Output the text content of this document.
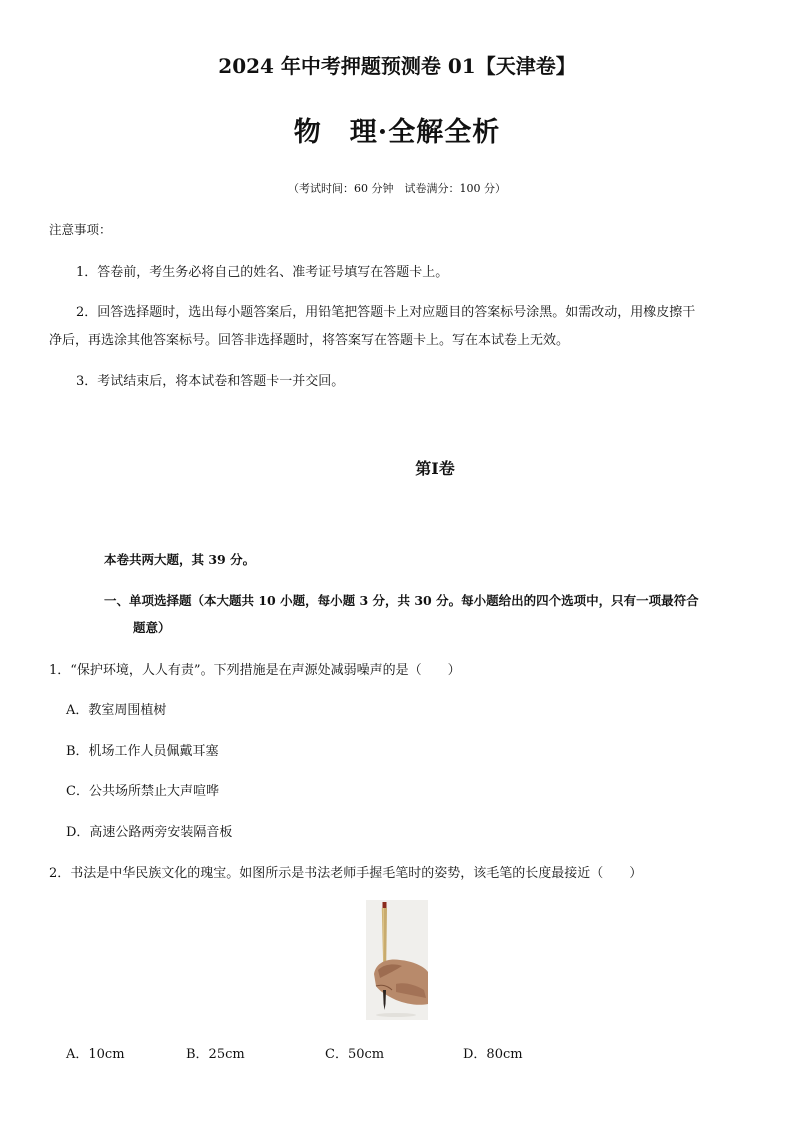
2024 年中考押题预测卷 01【天津卷】
物　理·全解全析
（考试时间：60 分钟　试卷满分：100 分）
注意事项：
1．答卷前，考生务必将自己的姓名、准考证号填写在答题卡上。
2．回答选择题时，选出每小题答案后，用铅笔把答题卡上对应题目的答案标号涂黑。如需改动，用橡皮擦干
净后，再选涂其他答案标号。回答非选择题时，将答案写在答题卡上。写在本试卷上无效。
3．考试结束后，将本试卷和答题卡一并交回。
第Ⅰ卷
本卷共两大题，其 39 分。
一、单项选择题（本大题共 10 小题，每小题 3 分，共 30 分。每小题给出的四个选项中，只有一项最符合
题意）
1．“保护环境，人人有责”。下列措施是在声源处减弱噪声的是（　　）
A．教室周围植树
B．机场工作人员佩戴耳塞
C．公共场所禁止大声喧哗
D．高速公路两旁安装隔音板
2．书法是中华民族文化的瑰宝。如图所示是书法老师手握毛笔时的姿势，该毛笔的长度最接近（　　）
A．10cm	B．25cm	C．50cm	D．80cm
